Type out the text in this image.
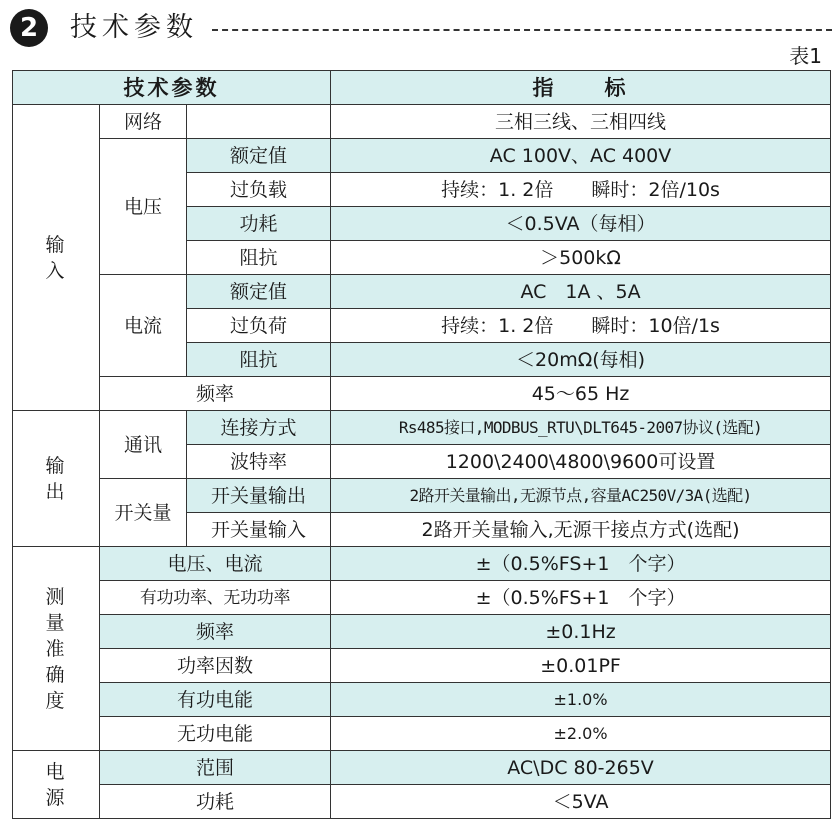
2	技术参数
表1
技术参数			指　　标
输　入	网络		三相三线、三相四线
	电压	额定值	AC 100V、AC 400V
		过负载	持续：1. 2倍　　瞬时：2倍/10s
		功耗	＜0.5VA（每相）
		阻抗	＞500kΩ
	电流	额定值	AC　1A 、5A
		过负荷	持续：1. 2倍　　瞬时：10倍/1s
		阻抗	＜20mΩ(每相)
	频率		45～65 Hz
输　出	通讯	连接方式	Rs485接口,MODBUS_RTU\DLT645-2007协议(选配)
		波特率	1200\2400\4800\9600可设置
	开关量	开关量输出	2路开关量输出,无源节点,容量AC250V/3A(选配)
		开关量输入	2路开关量输入,无源干接点方式(选配)
测量准确度	电压、电流		±（0.5%FS+1　个字）
	有功功率、无功功率		±（0.5%FS+1　个字）
	频率		±0.1Hz
	功率因数		±0.01PF
	有功电能		±1.0%
	无功电能		±2.0%
电源	范围		AC\DC 80-265V
	功耗		＜5VA
